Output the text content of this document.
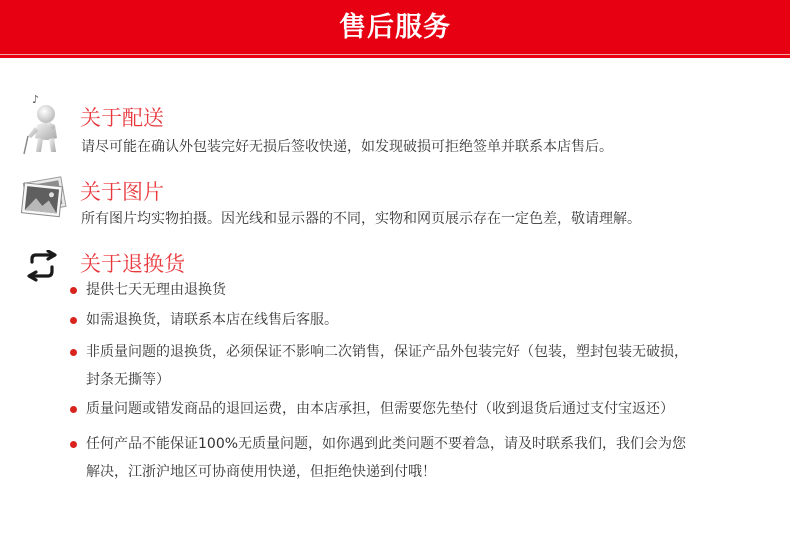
售后服务
♪
关于配送
请尽可能在确认外包装完好无损后签收快递，如发现破损可拒绝签单并联系本店售后。
关于图片
所有图片均实物拍摄。因光线和显示器的不同，实物和网页展示存在一定色差，敬请理解。
关于退换货
提供七天无理由退换货
如需退换货，请联系本店在线售后客服。
非质量问题的退换货，必须保证不影响二次销售，保证产品外包装完好（包装，塑封包装无破损，
封条无撕等）
质量问题或错发商品的退回运费，由本店承担，但需要您先垫付（收到退货后通过支付宝返还）
任何产品不能保证100%无质量问题，如你遇到此类问题不要着急，请及时联系我们，我们会为您
解决，江浙沪地区可协商使用快递，但拒绝快递到付哦！
